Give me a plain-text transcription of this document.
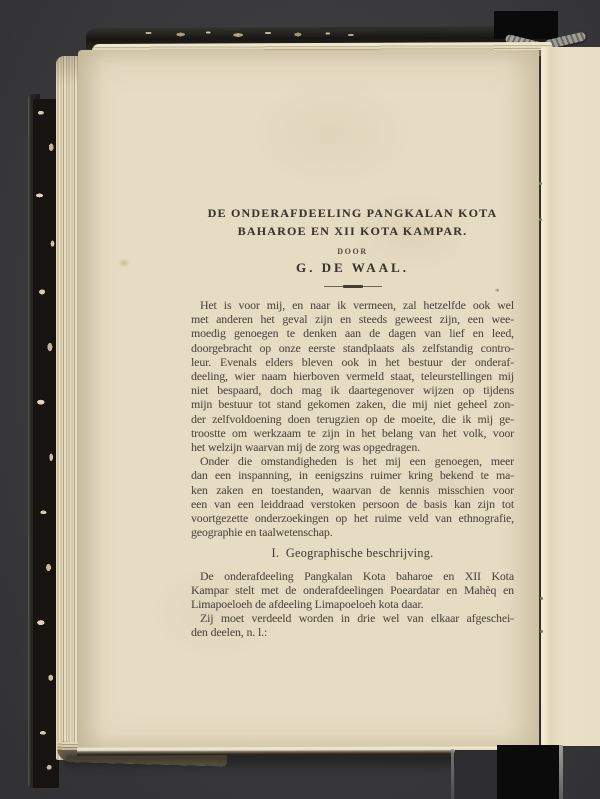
*
DE ONDERAFDEELING PANGKALAN KOTA
BAHAROE EN XII KOTA KAMPAR.
DOOR
G. DE WAAL.
Het is voor mij, en naar ik vermeen, zal hetzelfde ook wel
met anderen het geval zijn en steeds geweest zijn, een wee-
moedig genoegen te denken aan de dagen van lief en leed,
doorgebracht op onze eerste standplaats als zelfstandig contro-
leur. Evenals elders bleven ook in het bestuur der onderaf-
deeling, wier naam hierboven vermeld staat, teleurstellingen mij
niet bespaard, doch mag ik daartegenover wijzen op tijdens
mijn bestuur tot stand gekomen zaken, die mij niet geheel zon-
der zelfvoldoening doen terugzien op de moeite, die ik mij ge-
troostte om werkzaam te zijn in het belang van het volk, voor
het welzijn waarvan mij de zorg was opgedragen.
Onder die omstandigheden is het mij een genoegen, meer
dan een inspanning, in eenigszins ruimer kring bekend te ma-
ken zaken en toestanden, waarvan de kennis misschien voor
een van een leiddraad verstoken persoon de basis kan zijn tot
voortgezette onderzoekingen op het ruime veld van ethnografie,
geographie en taalwetenschap.
I.  Geographische beschrijving.
De onderafdeeling Pangkalan Kota baharoe en XII Kota
Kampar stelt met de onderafdeelingen Poeardatar en Mahèq en
Limapoeloeh de afdeeling Limapoeloeh kota daar.
Zij moet verdeeld worden in drie wel van elkaar afgeschei-
den deelen, n. l.:
